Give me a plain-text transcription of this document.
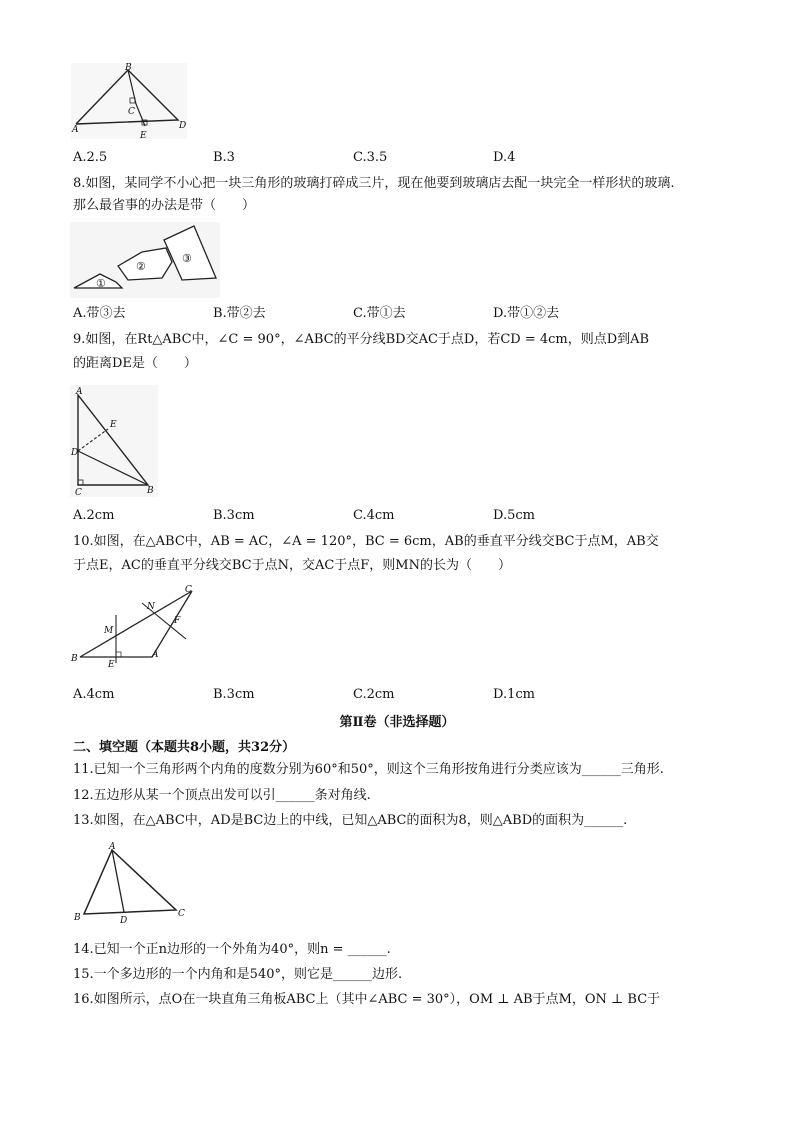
B
A
C
D
E
A.2.5	B.3	C.3.5	D.4
8.如图，某同学不小心把一块三角形的玻璃打碎成三片，现在他要到玻璃店去配一块完全一样形状的玻璃.
那么最省事的办法是带（　　）
①
②
③
A.带③去	B.带②去	C.带①去	D.带①②去
9.如图，在Rt△ABC中，∠C = 90°，∠ABC的平分线BD交AC于点D，若CD = 4cm，则点D到AB
的距离DE是（　　）
A
E
D
C	B
A.2cm	B.3cm	C.4cm	D.5cm
10.如图，在△ABC中，AB = AC，∠A = 120°，BC = 6cm，AB的垂直平分线交BC于点M，AB交
于点E，AC的垂直平分线交BC于点N，交AC于点F，则MN的长为（　　）
B
E
A
M
N
F
C
A.4cm	B.3cm	C.2cm	D.1cm
第Ⅱ卷（非选择题）
二、填空题（本题共8小题，共32分）
11.已知一个三角形两个内角的度数分别为60°和50°，则这个三角形按角进行分类应该为______三角形.
12.五边形从某一个顶点出发可以引______条对角线.
13.如图，在△ABC中，AD是BC边上的中线，已知△ABC的面积为8，则△ABD的面积为______.
A
B	D
C
14.已知一个正n边形的一个外角为40°，则n = ______.
15.一个多边形的一个内角和是540°，则它是______边形.
16.如图所示，点O在一块直角三角板ABC上（其中∠ABC = 30°），OM ⊥ AB于点M，ON ⊥ BC于
